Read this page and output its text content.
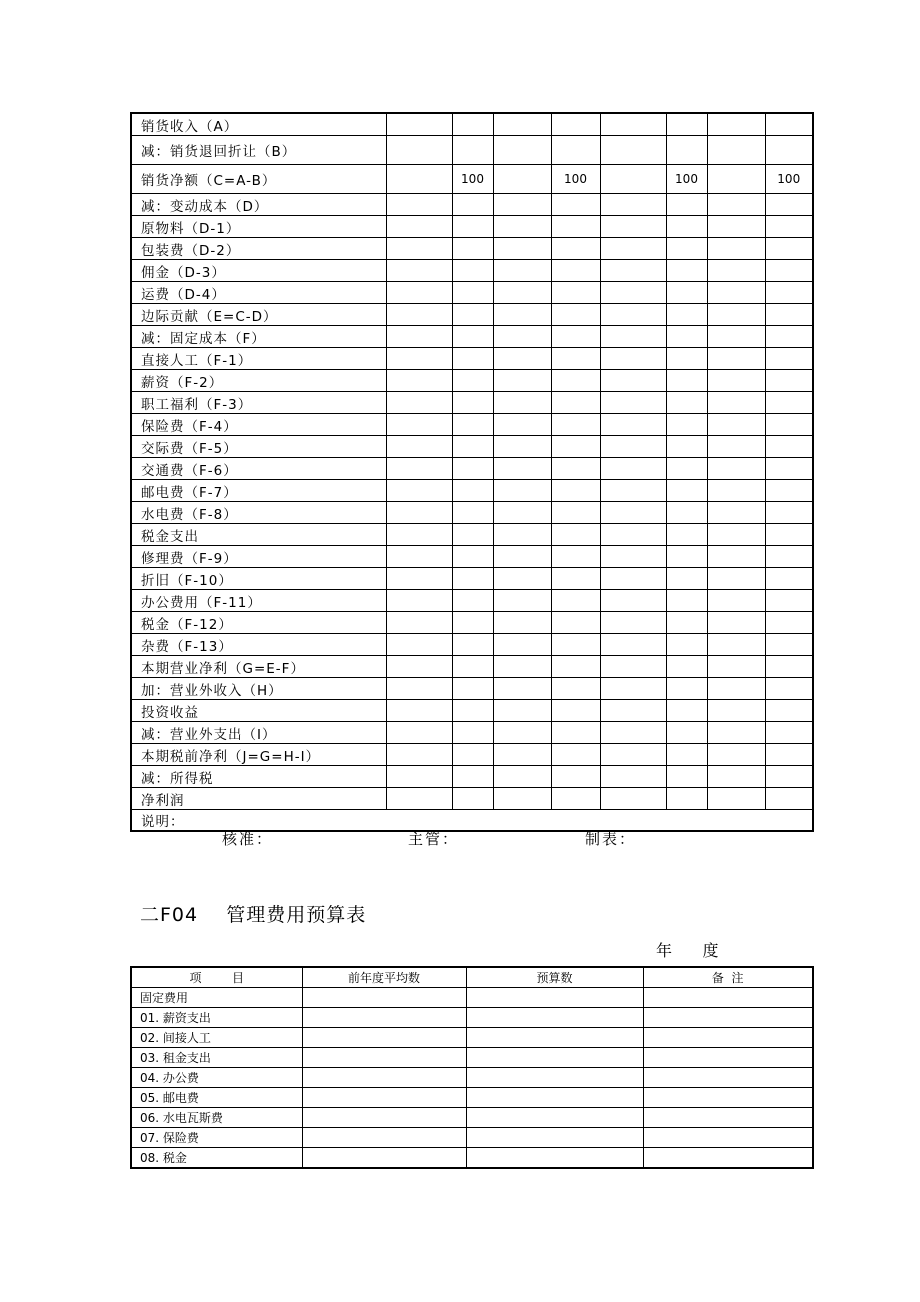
销货收入（A）								
减：销货退回折让（B）								
销货净额（C=A-B）		100		100		100		100
减：变动成本（D）								
原物料（D-1）								
包装费（D-2）								
佣金（D-3）								
运费（D-4）								
边际贡献（E=C-D）								
减：固定成本（F）								
直接人工（F-1）								
薪资（F-2）								
职工福利（F-3）								
保险费（F-4）								
交际费（F-5）								
交通费（F-6）								
邮电费（F-7）								
水电费（F-8）								
税金支出								
修理费（F-9）								
折旧（F-10）								
办公费用（F-11）								
税金（F-12）								
杂费（F-13）								
本期营业净利（G=E-F）								
加：营业外收入（H）								
投资收益								
减：营业外支出（I）								
本期税前净利（J=G=H-I）								
减：所得税								
净利润								
说明：								
核准：	主管：	制表：
二F04    管理费用预算表
年      度
项        目	前年度平均数	预算数	备  注
固定费用			
01. 薪资支出			
02. 间接人工			
03. 租金支出			
04. 办公费			
05. 邮电费			
06. 水电瓦斯费			
07. 保险费			
08. 税金			
